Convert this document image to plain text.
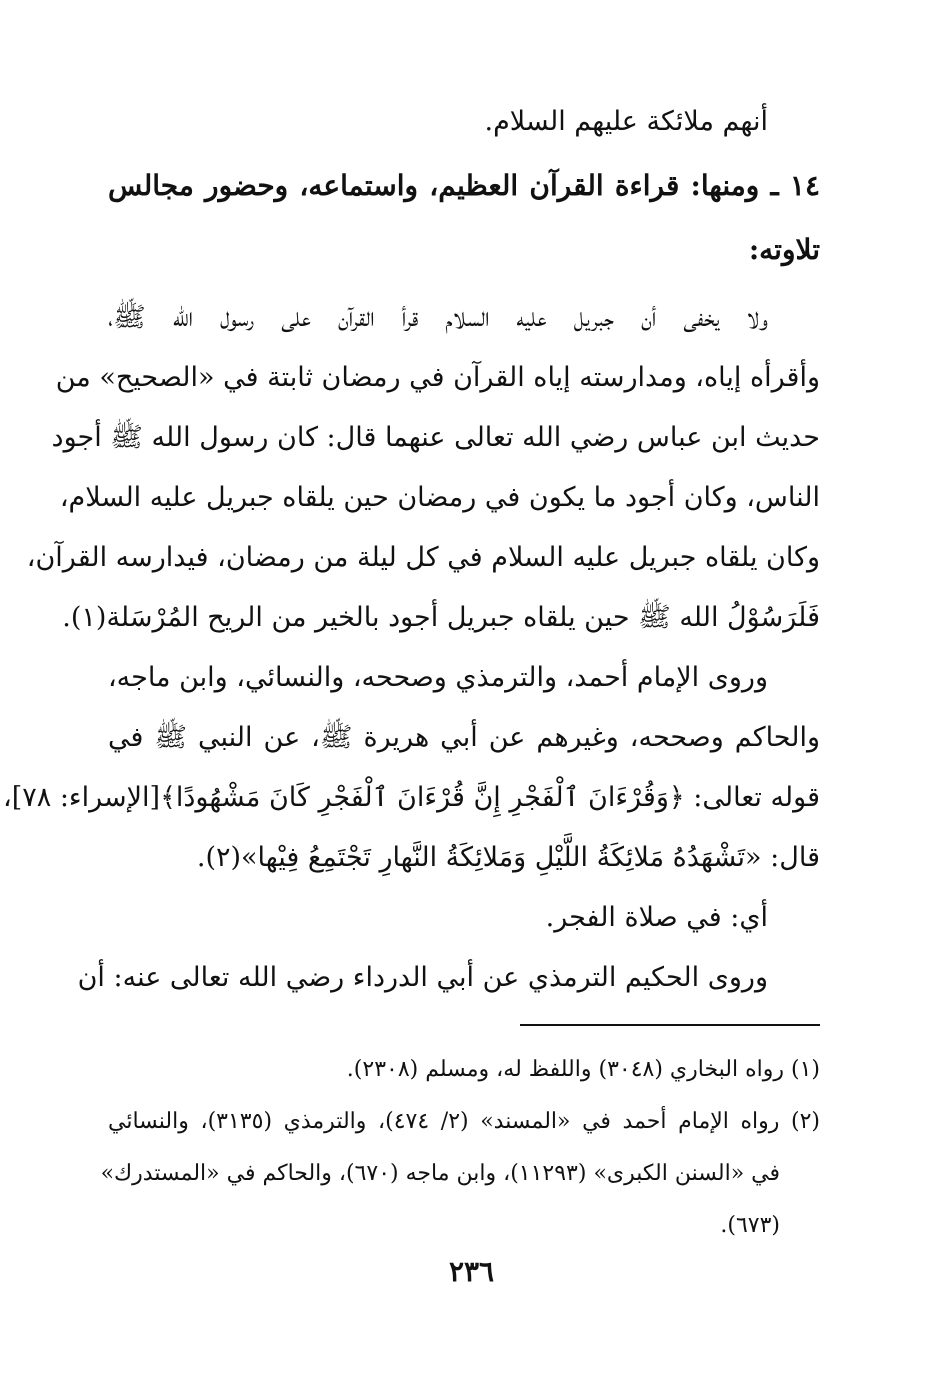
أنهم ملائكة عليهم السلام.
١٤ ـ ومنها: قراءة القرآن العظيم، واستماعه، وحضور مجالس
تلاوته:
ولا يخفى أن جبريل عليه السلام قرأ القرآن على رسول الله ﷺ،
وأقرأه إياه، ومدارسته إياه القرآن في رمضان ثابتة في «الصحيح» من
حديث ابن عباس رضي الله تعالى عنهما قال: كان رسول الله ﷺ أجود
الناس، وكان أجود ما يكون في رمضان حين يلقاه جبريل عليه السلام،
وكان يلقاه جبريل عليه السلام في كل ليلة من رمضان، فيدارسه القرآن،
فَلَرَسُوْلُ الله ﷺ حين يلقاه جبريل أجود بالخير من الريح المُرْسَلة(١).
وروى الإمام أحمد، والترمذي وصححه، والنسائي، وابن ماجه،
والحاكم وصححه، وغيرهم عن أبي هريرة ﷺ، عن النبي ﷺ في
قوله تعالى: ﴿وَقُرْءَانَ ٱلْفَجْرِ إِنَّ قُرْءَانَ ٱلْفَجْرِ كَانَ مَشْهُودًا﴾[الإسراء: ٧٨]،
قال: «تَشْهَدُهُ مَلائِكَةُ اللَّيْلِ وَمَلائِكَةُ النَّهارِ تَجْتَمِعُ فِيْها»(٢).
أي: في صلاة الفجر.
وروى الحكيم الترمذي عن أبي الدرداء رضي الله تعالى عنه: أن
(١) رواه البخاري (٣٠٤٨) واللفظ له، ومسلم (٢٣٠٨).
(٢) رواه الإمام أحمد في «المسند» (٢/ ٤٧٤)، والترمذي (٣١٣٥)، والنسائي
في «السنن الكبرى» (١١٢٩٣)، وابن ماجه (٦٧٠)، والحاكم في «المستدرك»
(٦٧٣).
٢٣٦
